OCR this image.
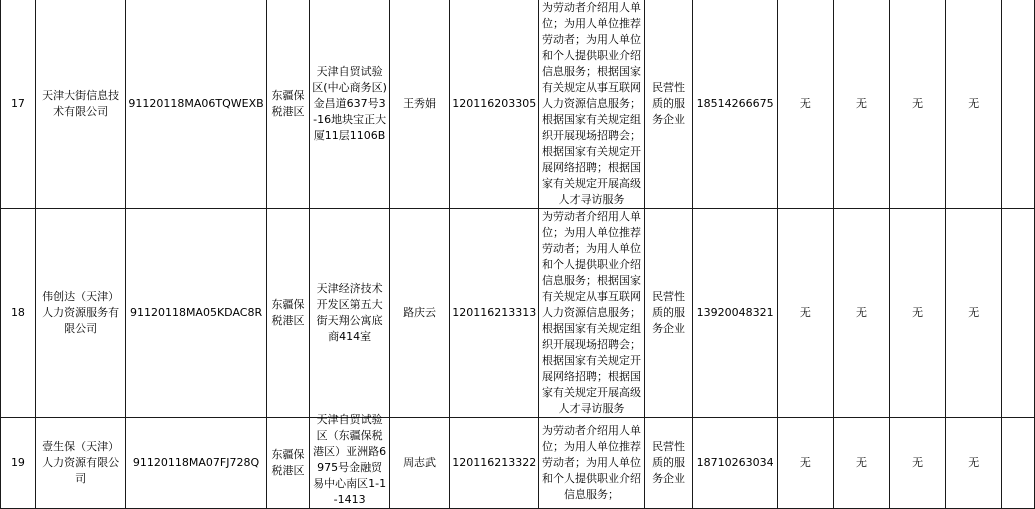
17	天津大街信息技术有限公司	91120118MA06TQWEXB	东疆保税港区	天津自贸试验区(中心商务区)金昌道637号3-16地块宝正大厦11层1106B	王秀娟	120116203305	为劳动者介绍用人单位；为用人单位推荐劳动者；为用人单位和个人提供职业介绍信息服务；根据国家有关规定从事互联网人力资源信息服务；根据国家有关规定组织开展现场招聘会；根据国家有关规定开展网络招聘；根据国家有关规定开展高级人才寻访服务	民营性质的服务企业	18514266675	无	无	无	无	
18	伟创达（天津）人力资源服务有限公司	91120118MA05KDAC8R	东疆保税港区	天津经济技术开发区第五大街天翔公寓底商414室	路庆云	120116213313	为劳动者介绍用人单位；为用人单位推荐劳动者；为用人单位和个人提供职业介绍信息服务；根据国家有关规定从事互联网人力资源信息服务；根据国家有关规定组织开展现场招聘会；根据国家有关规定开展网络招聘；根据国家有关规定开展高级人才寻访服务	民营性质的服务企业	13920048321	无	无	无	无	
19	壹生保（天津）人力资源有限公司	91120118MA07FJ728Q	东疆保税港区	天津自贸试验区（东疆保税港区）亚洲路6975号金融贸易中心南区1-1-1413	周志武	120116213322	为劳动者介绍用人单位；为用人单位推荐劳动者；为用人单位和个人提供职业介绍信息服务；	民营性质的服务企业	18710263034	无	无	无	无	
